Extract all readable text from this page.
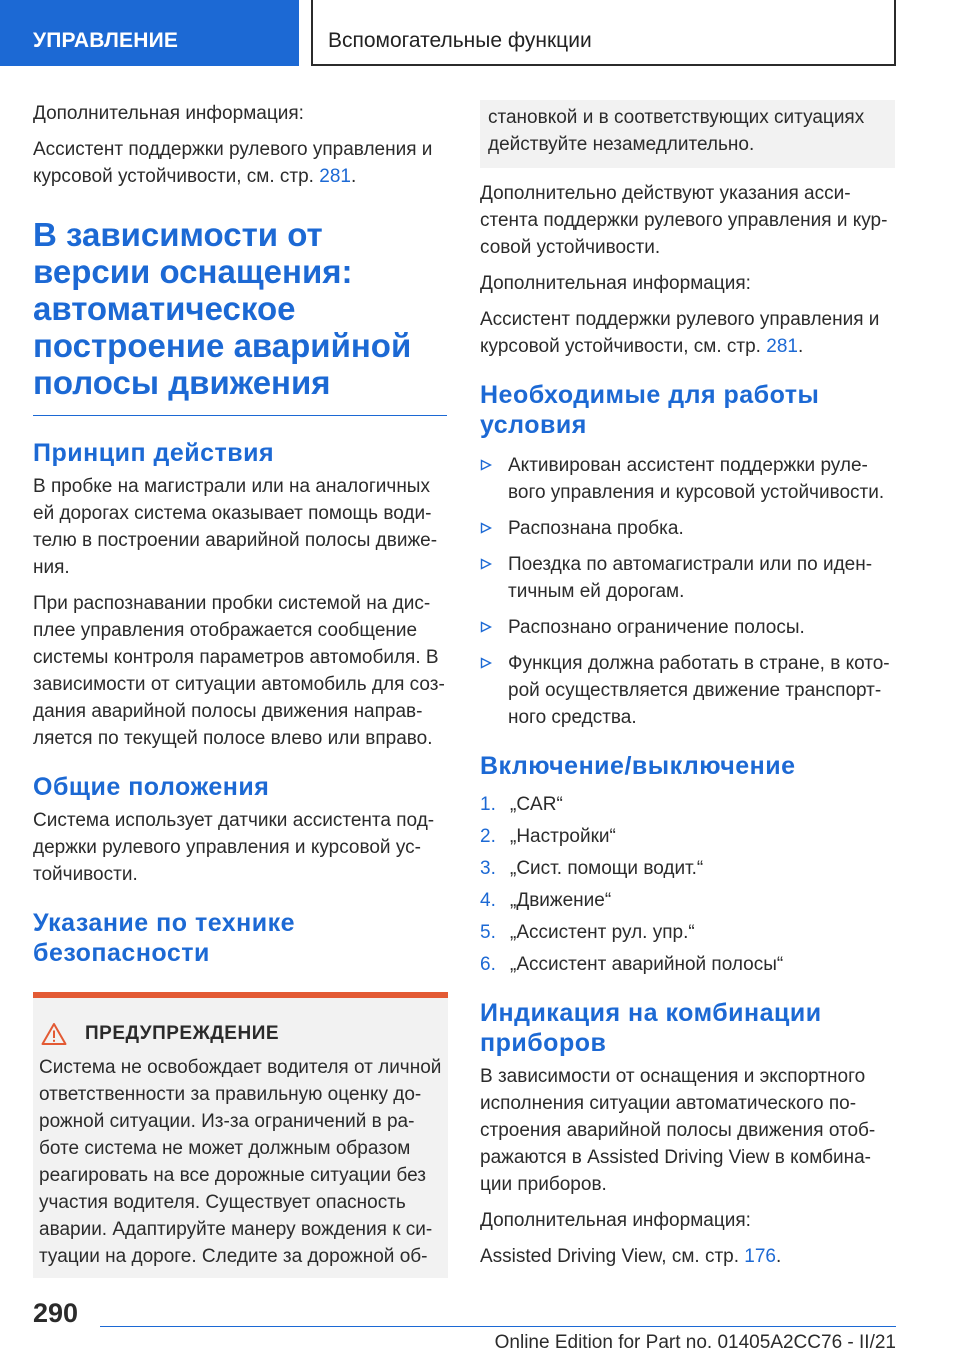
УПРАВЛЕНИЕ	Вспомогательные функции

Дополнительная информация:

Ассистент поддержки рулевого управления и курсовой устойчивости, см. стр. 281.

В зависимости от версии оснащения: автоматическое построение аварийной полосы движения
Принцип действия

В пробке на магистрали или на аналогичных ей дорогах система оказывает помощь водителю в построении аварийной полосы движения.

При распознавании пробки системой на дисплее управления отображается сообщение системы контроля параметров автомобиля. В зависимости от ситуации автомобиль для создания аварийной полосы движения направляется по текущей полосе влево или вправо.

Общие положения

Система использует датчики ассистента поддержки рулевого управления и курсовой устойчивости.

Указание по технике безопасности
ПРЕДУПРЕЖДЕНИЕ
Система не освобождает водителя от личной ответственности за правильную оценку дорожной ситуации. Из-за ограничений в работе система не может должным образом реагировать на все дорожные ситуации без участия водителя. Существует опасность аварии. Адаптируйте манеру вождения к ситуации на дороге. Следите за дорожной об-
становкой и в соответствующих ситуациях действуйте незамедлительно.

Дополнительно действуют указания ассистента поддержки рулевого управления и курсовой устойчивости.

Дополнительная информация:

Ассистент поддержки рулевого управления и курсовой устойчивости, см. стр. 281.

Необходимые для работы условия
Активирован ассистент поддержки рулевого управления и курсовой устойчивости.
Распознана пробка.
Поездка по автомагистрали или по идентичным ей дорогам.
Распознано ограничение полосы.
Функция должна работать в стране, в которой осуществляется движение транспортного средства.
Включение/выключение
1. „CAR“
2. „Настройки“
3. „Сист. помощи водит.“
4. „Движение“
5. „Ассистент рул. упр.“
6. „Ассистент аварийной полосы“
Индикация на комбинации приборов

В зависимости от оснащения и экспортного исполнения ситуации автоматического построения аварийной полосы движения отображаются в Assisted Driving View в комбинации приборов.

Дополнительная информация:

Assisted Driving View, см. стр. 176.

290
Online Edition for Part no. 01405A2CC76 - II/21
